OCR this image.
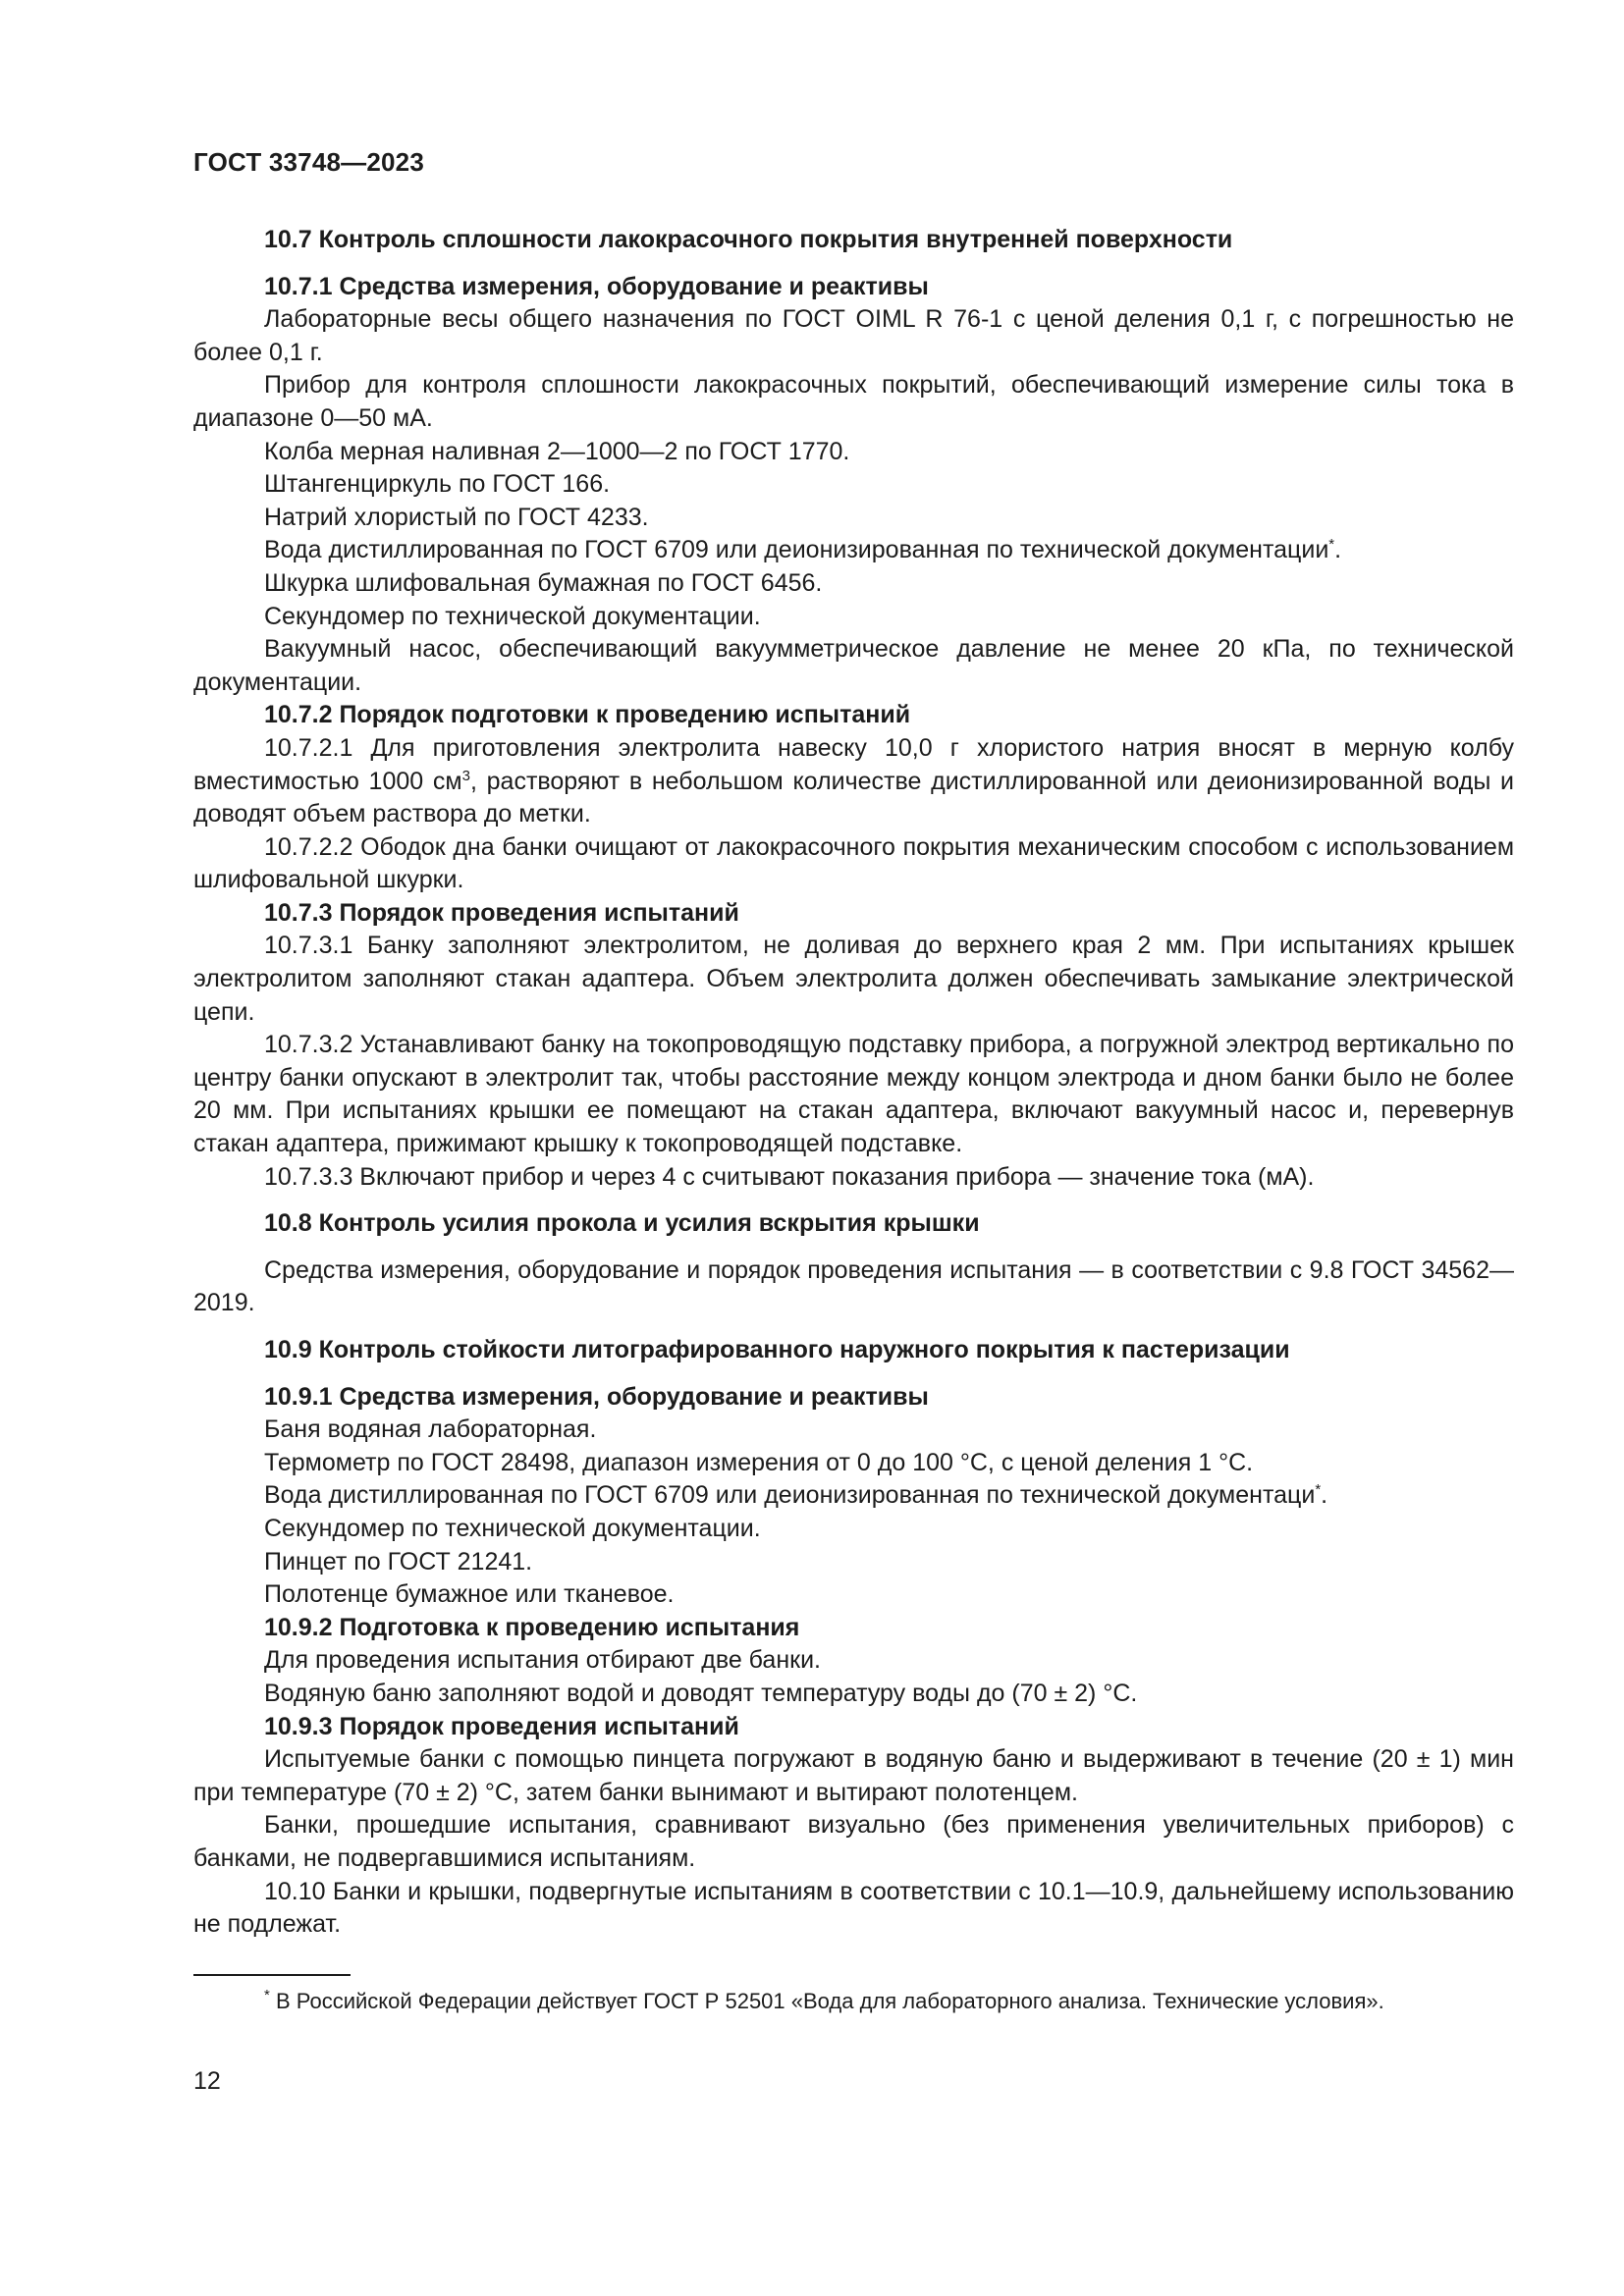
ГОСТ 33748—2023

10.7 Контроль сплошности лакокрасочного покрытия внутренней поверхности

10.7.1 Средства измерения, оборудование и реактивы

Лабораторные весы общего назначения по ГОСТ OIML R 76-1 с ценой деления 0,1 г, с погрешностью не более 0,1 г.

Прибор для контроля сплошности лакокрасочных покрытий, обеспечивающий измерение силы тока в диапазоне 0—50 мА.

Колба мерная наливная 2—1000—2 по ГОСТ 1770.

Штангенциркуль по ГОСТ 166.

Натрий хлористый по ГОСТ 4233.

Вода дистиллированная по ГОСТ 6709 или деионизированная по технической документации*.

Шкурка шлифовальная бумажная по ГОСТ 6456.

Секундомер по технической документации.

Вакуумный насос, обеспечивающий вакуумметрическое давление не менее 20 кПа, по технической документации.

10.7.2 Порядок подготовки к проведению испытаний

10.7.2.1 Для приготовления электролита навеску 10,0 г хлористого натрия вносят в мерную колбу вместимостью 1000 $см^3$, растворяют в небольшом количестве дистиллированной или деионизированной воды и доводят объем раствора до метки.

10.7.2.2 Ободок дна банки очищают от лакокрасочного покрытия механическим способом с использованием шлифовальной шкурки.

10.7.3 Порядок проведения испытаний

10.7.3.1 Банку заполняют электролитом, не доливая до верхнего края 2 мм. При испытаниях крышек электролитом заполняют стакан адаптера. Объем электролита должен обеспечивать замыкание электрической цепи.

10.7.3.2 Устанавливают банку на токопроводящую подставку прибора, а погружной электрод вертикально по центру банки опускают в электролит так, чтобы расстояние между концом электрода и дном банки было не более 20 мм. При испытаниях крышки ее помещают на стакан адаптера, включают вакуумный насос и, перевернув стакан адаптера, прижимают крышку к токопроводящей подставке.

10.7.3.3 Включают прибор и через 4 с считывают показания прибора — значение тока (мА).

10.8 Контроль усилия прокола и усилия вскрытия крышки

Средства измерения, оборудование и порядок проведения испытания — в соответствии с 9.8 ГОСТ 34562—2019.

10.9 Контроль стойкости литографированного наружного покрытия к пастеризации

10.9.1 Средства измерения, оборудование и реактивы

Баня водяная лабораторная.

Термометр по ГОСТ 28498, диапазон измерения от 0 до 100 °С, с ценой деления 1 °С.

Вода дистиллированная по ГОСТ 6709 или деионизированная по технической документаци*.

Секундомер по технической документации.

Пинцет по ГОСТ 21241.

Полотенце бумажное или тканевое.

10.9.2 Подготовка к проведению испытания

Для проведения испытания отбирают две банки.

Водяную баню заполняют водой и доводят температуру воды до (70 ± 2) °С.

10.9.3 Порядок проведения испытаний

Испытуемые банки с помощью пинцета погружают в водяную баню и выдерживают в течение (20 ± 1) мин при температуре (70 ± 2) °С, затем банки вынимают и вытирают полотенцем.

Банки, прошедшие испытания, сравнивают визуально (без применения увеличительных приборов) с банками, не подвергавшимися испытаниям.

10.10 Банки и крышки, подвергнутые испытаниям в соответствии с 10.1—10.9, дальнейшему использованию не подлежат.

* В Российской Федерации действует ГОСТ Р 52501 «Вода для лабораторного анализа. Технические условия».

12
